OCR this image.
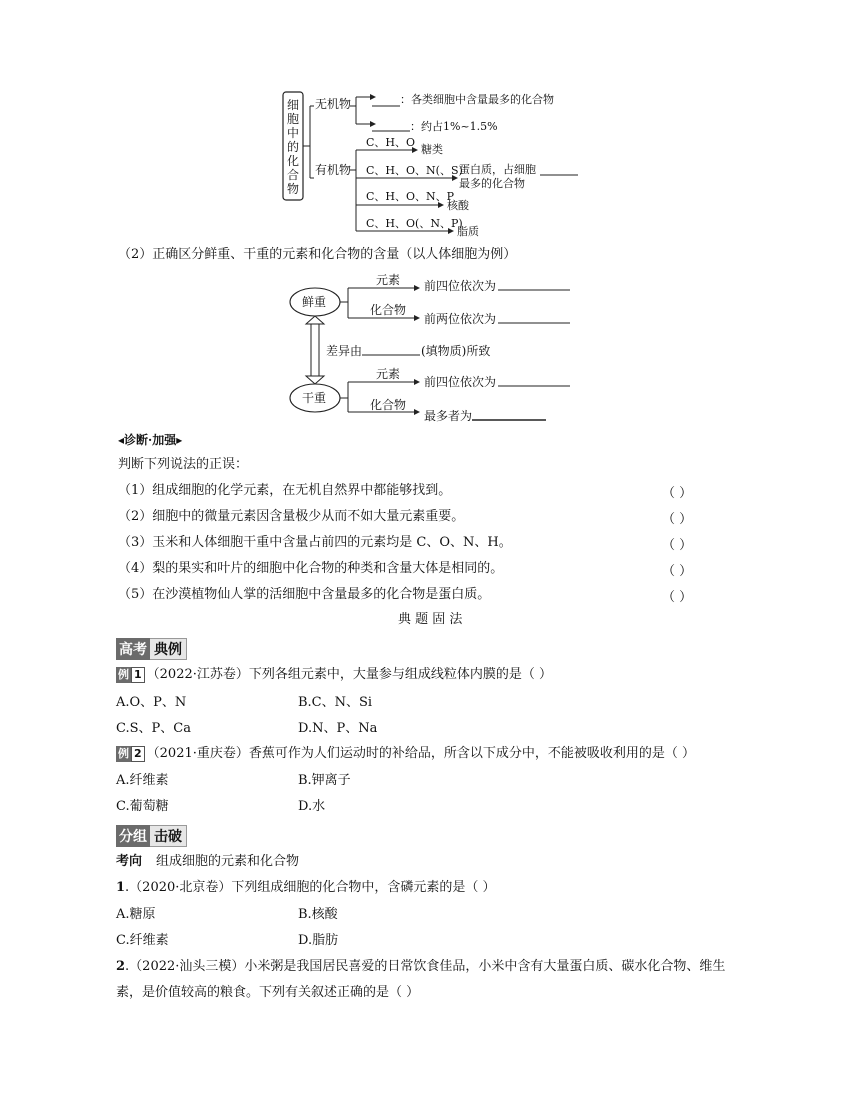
细
胞
中
的
化
合
物
无机物	：各类细胞中含量最多的化合物
：约占1%~1.5%
有机物
C、H、O
C、H、O、N(、S)
C、H、O、N、P
C、H、O(、N、P)
糖类
蛋白质，占细胞
最多的化合物
核酸
脂质
（2）正确区分鲜重、干重的元素和化合物的含量（以人体细胞为例）
鲜重
元素
化合物
前四位依次为
前两位依次为
差异由	(填物质)所致
干重
元素
化合物
前四位依次为
最多者为
◂诊断·加强▸
判断下列说法的正误：
（1）组成细胞的化学元素，在无机自然界中都能够找到。	（ ）
（2）细胞中的微量元素因含量极少从而不如大量元素重要。	（ ）
（3）玉米和人体细胞干重中含量占前四的元素均是 C、O、N、H。	（ ）
（4）梨的果实和叶片的细胞中化合物的种类和含量大体是相同的。	（ ）
（5）在沙漠植物仙人掌的活细胞中含量最多的化合物是蛋白质。	（ ）
典 题 固 法
高考 典例
例 1 （2022·江苏卷）下列各组元素中，大量参与组成线粒体内膜的是（ ）
A.O、P、N	B.C、N、Si
C.S、P、Ca	D.N、P、Na
例 2 （2021·重庆卷）香蕉可作为人们运动时的补给品，所含以下成分中，不能被吸收利用的是（ ）
A.纤维素	B.钾离子
C.葡萄糖	D.水
分组 击破
考向 组成细胞的元素和化合物
1.（2020·北京卷）下列组成细胞的化合物中，含磷元素的是（ ）
A.糖原	B.核酸
C.纤维素	D.脂肪
2.（2022·汕头三模）小米粥是我国居民喜爱的日常饮食佳品，小米中含有大量蛋白质、碳水化合物、维生
素，是价值较高的粮食。下列有关叙述正确的是（ ）
